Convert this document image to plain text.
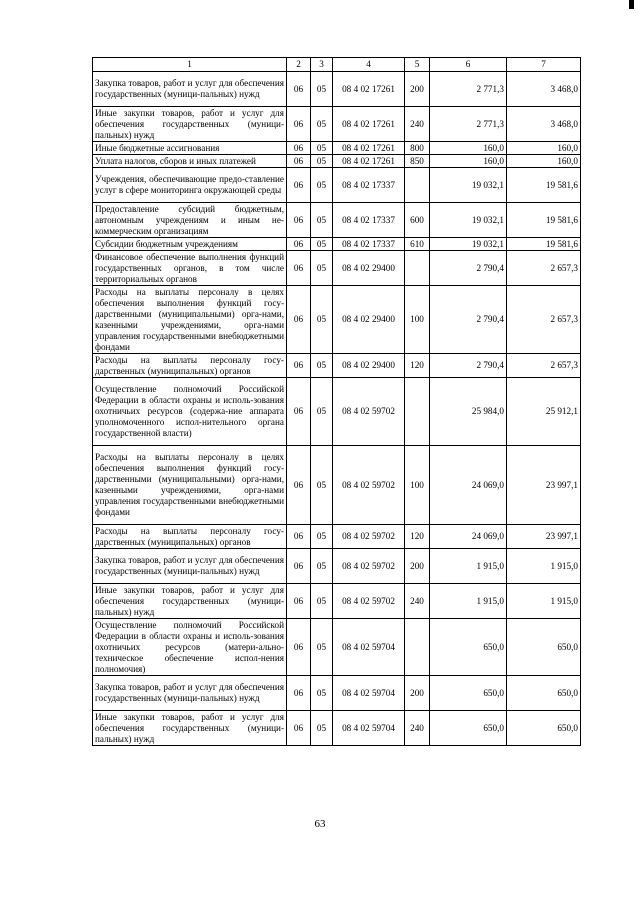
1	2	3	4	5	6	7
Закупка товаров, работ и услуг для обеспечения государственных (муници-пальных) нужд	06	05	08 4 02 17261	200	2 771,3	3 468,0
Иные закупки товаров, работ и услуг для обеспечения государственных (муници-пальных) нужд	06	05	08 4 02 17261	240	2 771,3	3 468,0
Иные бюджетные ассигнования	06	05	08 4 02 17261	800	160,0	160,0
Уплата налогов, сборов и иных платежей	06	05	08 4 02 17261	850	160,0	160,0
Учреждения, обеспечивающие предо-ставление услуг в сфере мониторинга окружающей среды	06	05	08 4 02 17337		19 032,1	19 581,6
Предоставление субсидий бюджетным, автономным учреждениям и иным не-коммерческим организациям	06	05	08 4 02 17337	600	19 032,1	19 581,6
Субсидии бюджетным учреждениям	06	05	08 4 02 17337	610	19 032,1	19 581,6
Финансовое обеспечение выполнения функций государственных органов, в том числе территориальных органов	06	05	08 4 02 29400		2 790,4	2 657,3
Расходы на выплаты персоналу в целях обеспечения выполнения функций госу-дарственными (муниципальными) орга-нами, казенными учреждениями, орга-нами управления государственными внебюджетными фондами	06	05	08 4 02 29400	100	2 790,4	2 657,3
Расходы на выплаты персоналу госу-дарственных (муниципальных) органов	06	05	08 4 02 29400	120	2 790,4	2 657,3
Осуществление полномочий Российской Федерации в области охраны и исполь-зования охотничьих ресурсов (содержа-ние аппарата уполномоченного испол-нительного органа государственной власти)	06	05	08 4 02 59702		25 984,0	25 912,1
Расходы на выплаты персоналу в целях обеспечения выполнения функций госу-дарственными (муниципальными) орга-нами, казенными учреждениями, орга-нами управления государственными внебюджетными фондами	06	05	08 4 02 59702	100	24 069,0	23 997,1
Расходы на выплаты персоналу госу-дарственных (муниципальных) органов	06	05	08 4 02 59702	120	24 069,0	23 997,1
Закупка товаров, работ и услуг для обеспечения государственных (муници-пальных) нужд	06	05	08 4 02 59702	200	1 915,0	1 915,0
Иные закупки товаров, работ и услуг для обеспечения государственных (муници-пальных) нужд	06	05	08 4 02 59702	240	1 915,0	1 915,0
Осуществление полномочий Российской Федерации в области охраны и исполь-зования охотничьих ресурсов (матери-ально-техническое обеспечение испол-нения полномочия)	06	05	08 4 02 59704		650,0	650,0
Закупка товаров, работ и услуг для обеспечения государственных (муници-пальных) нужд	06	05	08 4 02 59704	200	650,0	650,0
Иные закупки товаров, работ и услуг для обеспечения государственных (муници-пальных) нужд	06	05	08 4 02 59704	240	650,0	650,0
63
